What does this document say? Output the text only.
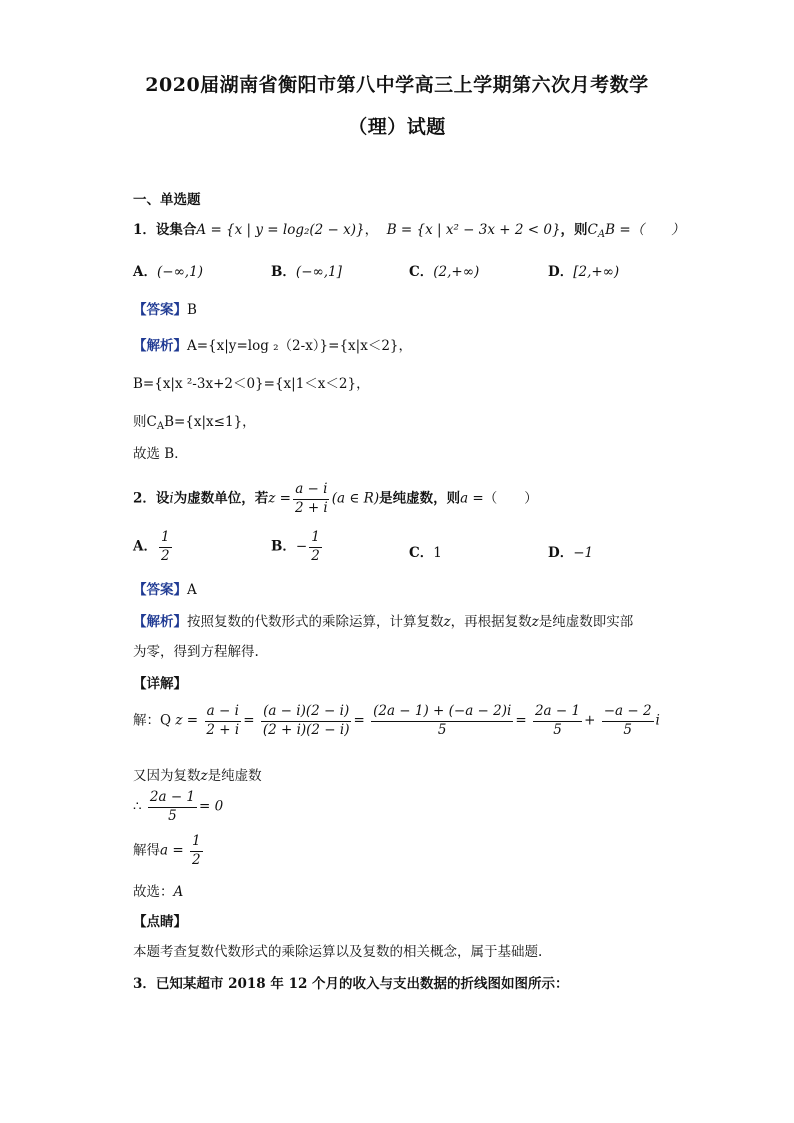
2020届湖南省衡阳市第八中学高三上学期第六次月考数学
（理）试题
一、单选题
1．设集合A = {x | y = log₂(2 − x)}， B = {x | x² − 3x + 2 < 0}，则$C_AB$ =（　　）
A．(−∞,1)	B．(−∞,1]	C．(2,+∞)	D．[2,+∞)
【答案】B
【解析】A={x|y=log ₂（2-x）}={x|x＜2}，
B={x|x ²-3x+2＜0}={x|1＜x＜2}，
则$C_AB=\{x|x\le 1\}$，
故选 B．
2．设i为虚数单位，若$z = \frac{a - i}{2 + i} (a$ ∈ R)是纯虚数，则a =（　　）
A． $\frac{1}{2}$	B．− $\frac{1}{2}$	C．1	D．−1
【答案】A
【解析】按照复数的代数形式的乘除运算，计算复数z，再根据复数z是纯虚数即实部
为零，得到方程解得.
【详解】
解：Q $z = \frac{a - i}{2 + i} = \frac{(a - i)(2 - i)}{(2 + i)(2 - i)} = \frac{(2a - 1) + (-a - 2)i}{5} = \frac{2a - 1}{5} + \frac{-a - 2}{5}$ i
又因为复数z是纯虚数
∴ $\frac{2a - 1}{5} = 0$
解得$a = \frac{1}{2}$
故选：A
【点睛】
本题考查复数代数形式的乘除运算以及复数的相关概念，属于基础题.
3．已知某超市 2018 年 12 个月的收入与支出数据的折线图如图所示：
